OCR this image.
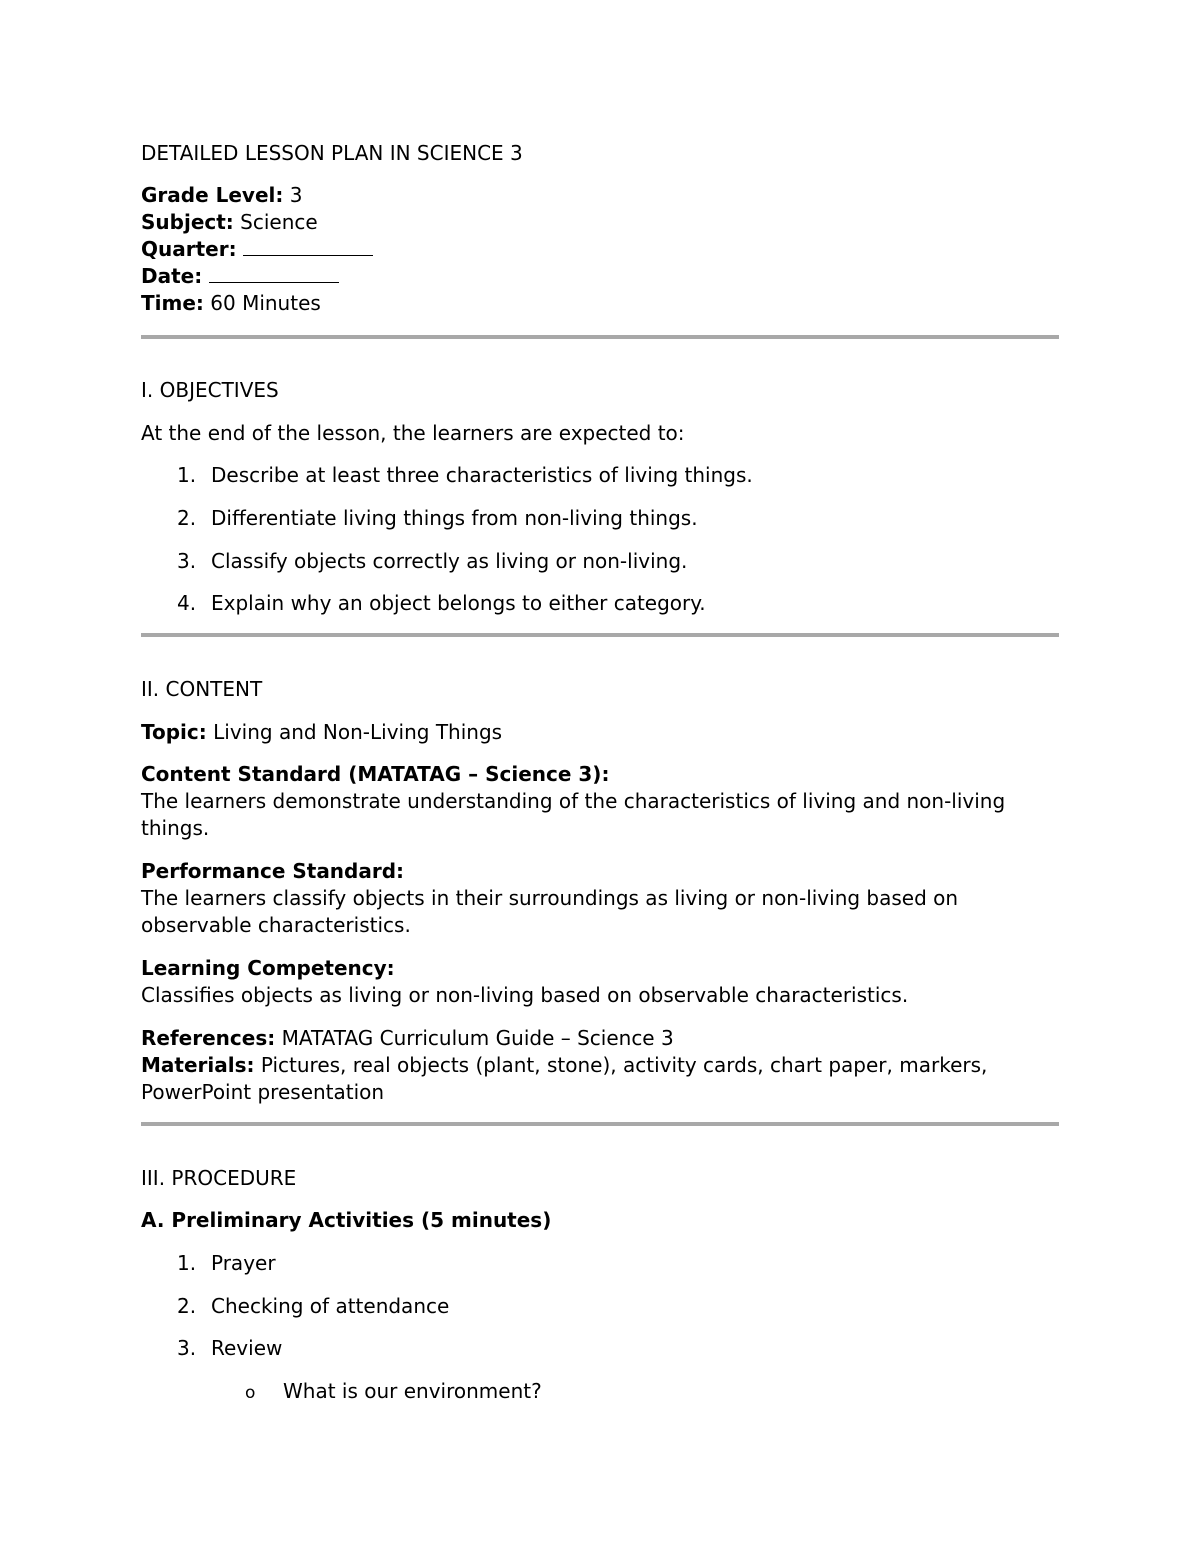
DETAILED LESSON PLAN IN SCIENCE 3
Grade Level: 3
Subject: Science
Quarter:
Date:
Time: 60 Minutes
I. OBJECTIVES
At the end of the lesson, the learners are expected to:
1. Describe at least three characteristics of living things.
2. Differentiate living things from non-living things.
3. Classify objects correctly as living or non-living.
4. Explain why an object belongs to either category.
II. CONTENT
Topic: Living and Non-Living Things
Content Standard (MATATAG – Science 3):
The learners demonstrate understanding of the characteristics of living and non-living things.
Performance Standard:
The learners classify objects in their surroundings as living or non-living based on observable characteristics.
Learning Competency:
Classifies objects as living or non-living based on observable characteristics.
References: MATATAG Curriculum Guide – Science 3
Materials: Pictures, real objects (plant, stone), activity cards, chart paper, markers, PowerPoint presentation
III. PROCEDURE
A. Preliminary Activities (5 minutes)
1. Prayer
2. Checking of attendance
3. Review
o What is our environment?
